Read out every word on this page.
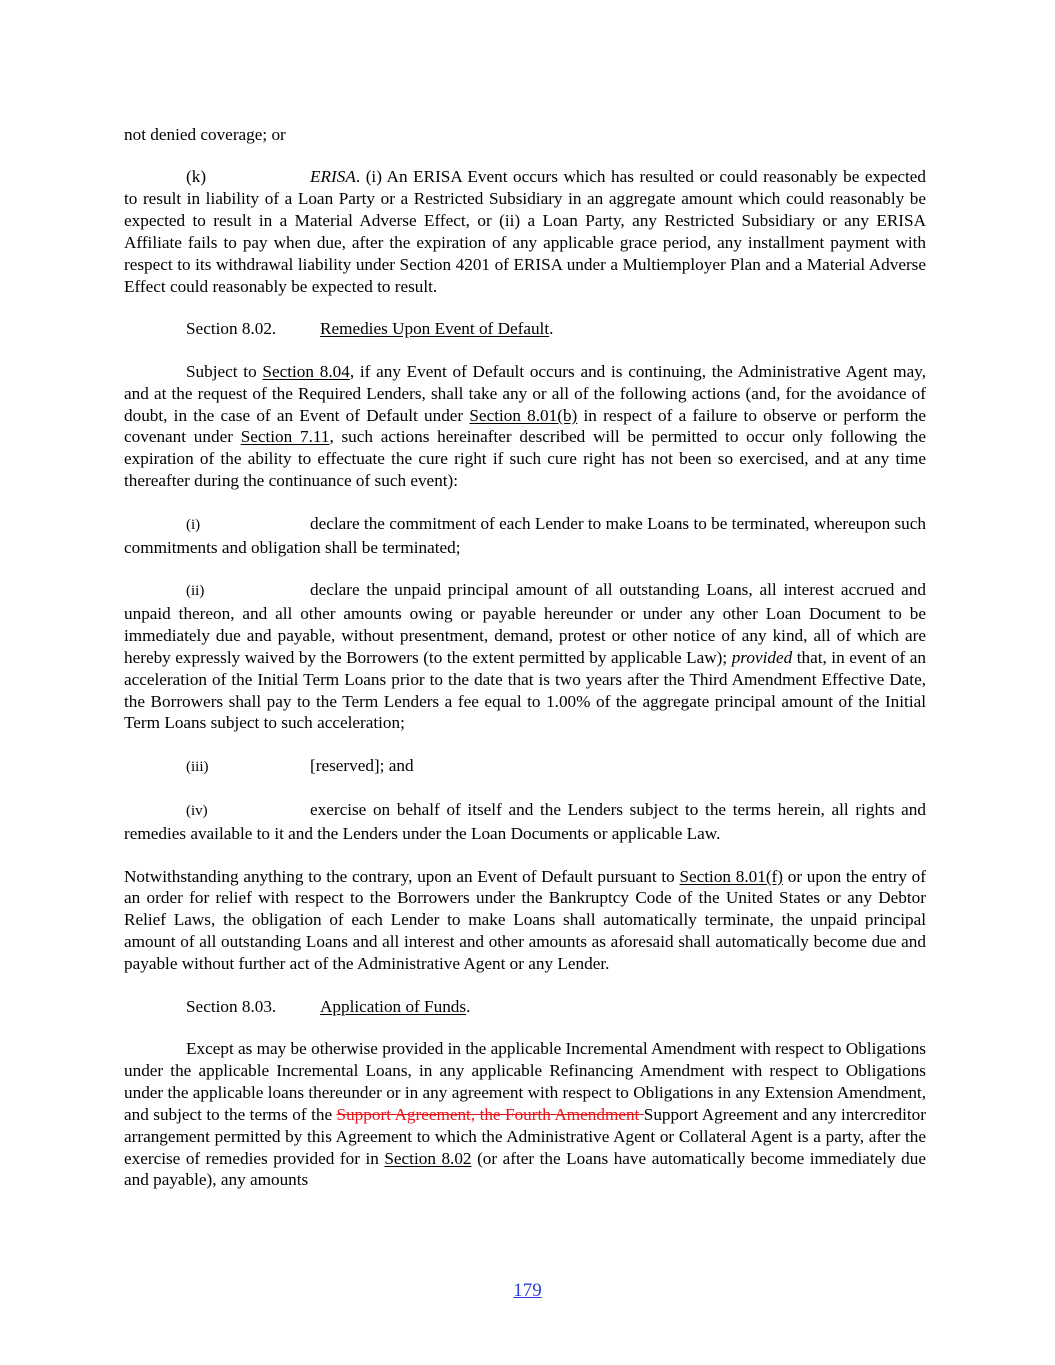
not denied coverage; or

(k)	ERISA. (i) An ERISA Event occurs which has resulted or could reasonably be expected to result in liability of a Loan Party or a Restricted Subsidiary in an aggregate amount which could reasonably be expected to result in a Material Adverse Effect, or (ii) a Loan Party, any Restricted Subsidiary or any ERISA Affiliate fails to pay when due, after the expiration of any applicable grace period, any installment payment with respect to its withdrawal liability under Section 4201 of ERISA under a Multiemployer Plan and a Material Adverse Effect could reasonably be expected to result.

Section 8.02.	Remedies Upon Event of Default.

Subject to Section 8.04, if any Event of Default occurs and is continuing, the Administrative Agent may, and at the request of the Required Lenders, shall take any or all of the following actions (and, for the avoidance of doubt, in the case of an Event of Default under Section 8.01(b) in respect of a failure to observe or perform the covenant under Section 7.11, such actions hereinafter described will be permitted to occur only following the expiration of the ability to effectuate the cure right if such cure right has not been so exercised, and at any time thereafter during the continuance of such event):

(i)	declare the commitment of each Lender to make Loans to be terminated, whereupon such commitments and obligation shall be terminated;

(ii)	declare the unpaid principal amount of all outstanding Loans, all interest accrued and unpaid thereon, and all other amounts owing or payable hereunder or under any other Loan Document to be immediately due and payable, without presentment, demand, protest or other notice of any kind, all of which are hereby expressly waived by the Borrowers (to the extent permitted by applicable Law); provided that, in event of an acceleration of the Initial Term Loans prior to the date that is two years after the Third Amendment Effective Date, the Borrowers shall pay to the Term Lenders a fee equal to 1.00% of the aggregate principal amount of the Initial Term Loans subject to such acceleration;

(iii)	[reserved]; and

(iv)	exercise on behalf of itself and the Lenders subject to the terms herein, all rights and remedies available to it and the Lenders under the Loan Documents or applicable Law.

Notwithstanding anything to the contrary, upon an Event of Default pursuant to Section 8.01(f) or upon the entry of an order for relief with respect to the Borrowers under the Bankruptcy Code of the United States or any Debtor Relief Laws, the obligation of each Lender to make Loans shall automatically terminate, the unpaid principal amount of all outstanding Loans and all interest and other amounts as aforesaid shall automatically become due and payable without further act of the Administrative Agent or any Lender.

Section 8.03.	Application of Funds.

Except as may be otherwise provided in the applicable Incremental Amendment with respect to Obligations under the applicable Incremental Loans, in any applicable Refinancing Amendment with respect to Obligations under the applicable loans thereunder or in any agreement with respect to Obligations in any Extension Amendment, and subject to the terms of the Support Agreement, the Fourth Amendment Support Agreement and any intercreditor arrangement permitted by this Agreement to which the Administrative Agent or Collateral Agent is a party, after the exercise of remedies provided for in Section 8.02 (or after the Loans have automatically become immediately due and payable), any amounts

179
